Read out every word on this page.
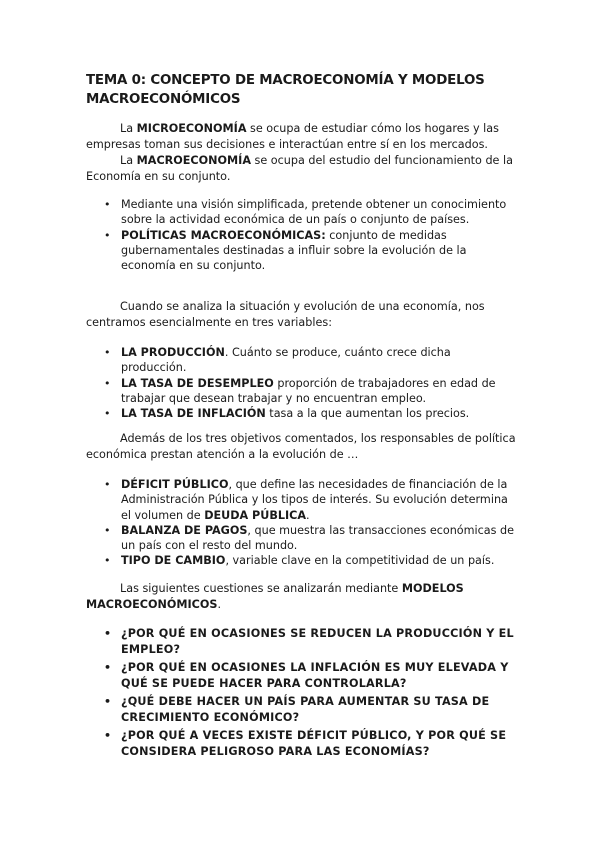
TEMA 0: CONCEPTO DE MACROECONOMÍA Y MODELOS MACROECONÓMICOS
La MICROECONOMÍA se ocupa de estudiar cómo los hogares y las empresas toman sus decisiones e interactúan entre sí en los mercados.
La MACROECONOMÍA se ocupa del estudio del funcionamiento de la Economía en su conjunto.
• Mediante una visión simplificada, pretende obtener un conocimiento sobre la actividad económica de un país o conjunto de países.
• POLÍTICAS MACROECONÓMICAS: conjunto de medidas gubernamentales destinadas a influir sobre la evolución de la economía en su conjunto.
Cuando se analiza la situación y evolución de una economía, nos centramos esencialmente en tres variables:
• LA PRODUCCIÓN. Cuánto se produce, cuánto crece dicha producción.
• LA TASA DE DESEMPLEO proporción de trabajadores en edad de trabajar que desean trabajar y no encuentran empleo.
• LA TASA DE INFLACIÓN tasa a la que aumentan los precios.
Además de los tres objetivos comentados, los responsables de política económica prestan atención a la evolución de …
• DÉFICIT PÚBLICO, que define las necesidades de financiación de la Administración Pública y los tipos de interés. Su evolución determina el volumen de DEUDA PÚBLICA.
• BALANZA DE PAGOS, que muestra las transacciones económicas de un país con el resto del mundo.
• TIPO DE CAMBIO, variable clave en la competitividad de un país.
Las siguientes cuestiones se analizarán mediante MODELOS MACROECONÓMICOS.
• ¿POR QUÉ EN OCASIONES SE REDUCEN LA PRODUCCIÓN Y EL EMPLEO?
• ¿POR QUÉ EN OCASIONES LA INFLACIÓN ES MUY ELEVADA Y QUÉ SE PUEDE HACER PARA CONTROLARLA?
• ¿QUÉ DEBE HACER UN PAÍS PARA AUMENTAR SU TASA DE CRECIMIENTO ECONÓMICO?
• ¿POR QUÉ A VECES EXISTE DÉFICIT PÚBLICO, Y POR QUÉ SE CONSIDERA PELIGROSO PARA LAS ECONOMÍAS?
